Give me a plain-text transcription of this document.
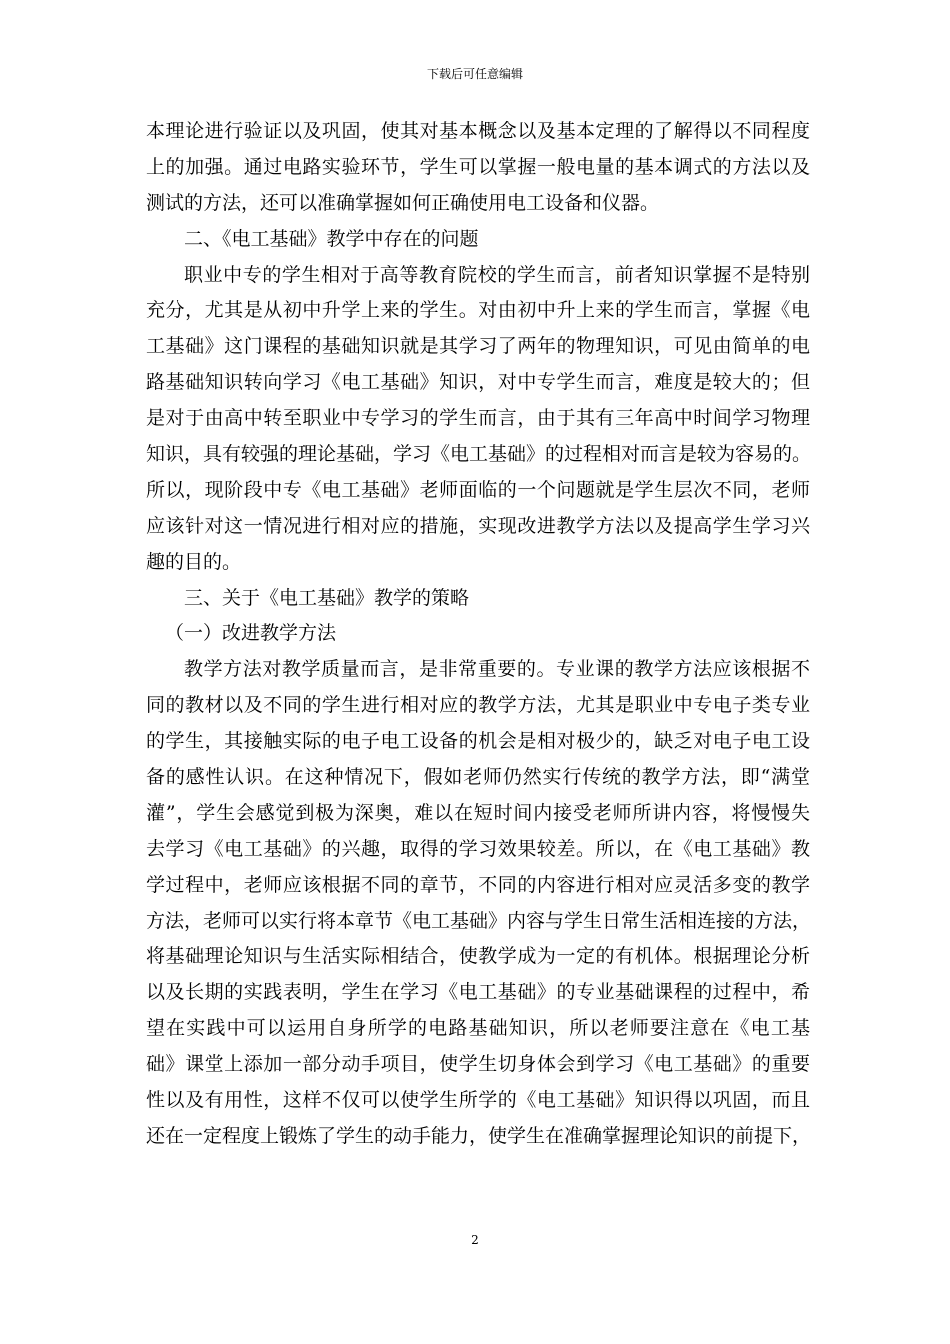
下载后可任意编辑
本理论进行验证以及巩固，使其对基本概念以及基本定理的了解得以不同程度
上的加强。通过电路实验环节，学生可以掌握一般电量的基本调式的方法以及
测试的方法，还可以准确掌握如何正确使用电工设备和仪器。
二、《电工基础》教学中存在的问题
职业中专的学生相对于高等教育院校的学生而言，前者知识掌握不是特别
充分，尤其是从初中升学上来的学生。对由初中升上来的学生而言，掌握《电
工基础》这门课程的基础知识就是其学习了两年的物理知识，可见由简单的电
路基础知识转向学习《电工基础》知识，对中专学生而言，难度是较大的；但
是对于由高中转至职业中专学习的学生而言，由于其有三年高中时间学习物理
知识，具有较强的理论基础，学习《电工基础》的过程相对而言是较为容易的。
所以，现阶段中专《电工基础》老师面临的一个问题就是学生层次不同，老师
应该针对这一情况进行相对应的措施，实现改进教学方法以及提高学生学习兴
趣的目的。
三、关于《电工基础》教学的策略
（一）改进教学方法
教学方法对教学质量而言，是非常重要的。专业课的教学方法应该根据不
同的教材以及不同的学生进行相对应的教学方法，尤其是职业中专电子类专业
的学生，其接触实际的电子电工设备的机会是相对极少的，缺乏对电子电工设
备的感性认识。在这种情况下，假如老师仍然实行传统的教学方法，即“满堂
灌”，学生会感觉到极为深奥，难以在短时间内接受老师所讲内容，将慢慢失
去学习《电工基础》的兴趣，取得的学习效果较差。所以，在《电工基础》教
学过程中，老师应该根据不同的章节，不同的内容进行相对应灵活多变的教学
方法，老师可以实行将本章节《电工基础》内容与学生日常生活相连接的方法，
将基础理论知识与生活实际相结合，使教学成为一定的有机体。根据理论分析
以及长期的实践表明，学生在学习《电工基础》的专业基础课程的过程中，希
望在实践中可以运用自身所学的电路基础知识，所以老师要注意在《电工基
础》课堂上添加一部分动手项目，使学生切身体会到学习《电工基础》的重要
性以及有用性，这样不仅可以使学生所学的《电工基础》知识得以巩固，而且
还在一定程度上锻炼了学生的动手能力，使学生在准确掌握理论知识的前提下，
2
